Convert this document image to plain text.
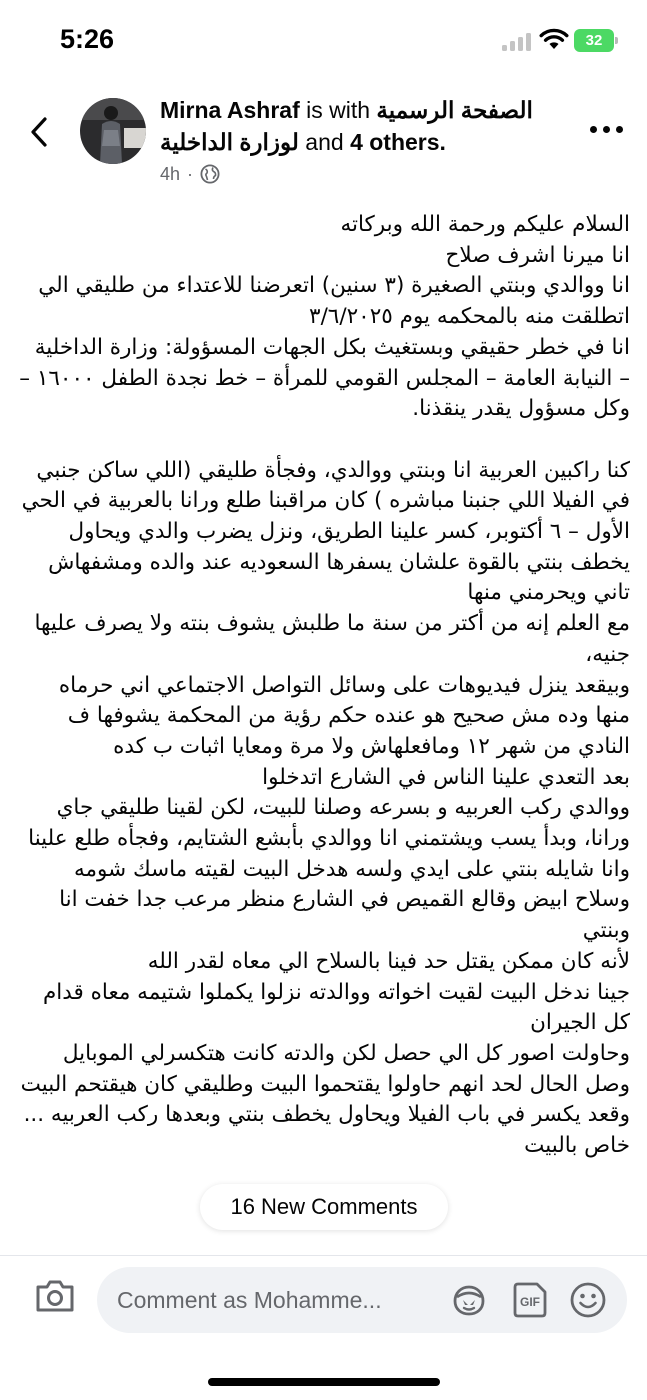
5:26	32
Mirna Ashraf is with الصفحة الرسمية
لوزارة الداخلية and 4 others.
4h ·

السلام عليكم ورحمة الله وبركاته

انا ميرنا اشرف صلاح

انا ووالدي وبنتي الصغيرة (٣ سنين) اتعرضنا للاعتداء من طليقي الي اتطلقت منه بالمحكمه يوم ٣/٦/٢٠٢٥

انا في خطر حقيقي وبستغيث بكل الجهات المسؤولة: وزارة الداخلية – النيابة العامة – المجلس القومي للمرأة – خط نجدة الطفل ١٦٠٠٠ – وكل مسؤول يقدر ينقذنا.

كنا راكبين العربية انا وبنتي ووالدي، وفجأة طليقي (اللي ساكن جنبي في الفيلا اللي جنبنا مباشره ) كان مراقبنا طلع ورانا بالعربية في الحي الأول – ٦ أكتوبر، كسر علينا الطريق، ونزل يضرب والدي ويحاول يخطف بنتي بالقوة علشان يسفرها السعوديه عند والده ومشفهاش تاني ويحرمني منها

مع العلم إنه من أكتر من سنة ما طلبش يشوف بنته ولا يصرف عليها جنيه،

وبيقعد ينزل فيديوهات على وسائل التواصل الاجتماعي اني حرماه منها وده مش صحيح هو عنده حكم رؤية من المحكمة يشوفها ف النادي من شهر ١٢ ومافعلهاش ولا مرة ومعايا اثبات ب كده

بعد التعدي علينا الناس في الشارع اتدخلوا

ووالدي ركب العربيه و بسرعه وصلنا للبيت، لكن لقينا طليقي جاي ورانا، وبدأ يسب ويشتمني انا ووالدي بأبشع الشتايم، وفجأه طلع علينا وانا شايله بنتي على ايدي ولسه هدخل البيت لقيته ماسك شومه وسلاح ابيض وقالع القميص في الشارع منظر مرعب جدا خفت انا وبنتي

لأنه كان ممكن يقتل حد فينا بالسلاح الي معاه لقدر الله

جينا ندخل البيت لقيت اخواته ووالدته نزلوا يكملوا شتيمه معاه قدام كل الجيران

وحاولت اصور كل الي حصل لكن والدته كانت هتكسرلي الموبايل وصل الحال لحد انهم حاولوا يقتحموا البيت وطليقي كان هيقتحم البيت وقعد يكسر في باب الفيلا ويحاول يخطف بنتي وبعدها ركب العربيه ... خاص بالبيت

16 New Comments
Comment as Mohamme...	GIF
